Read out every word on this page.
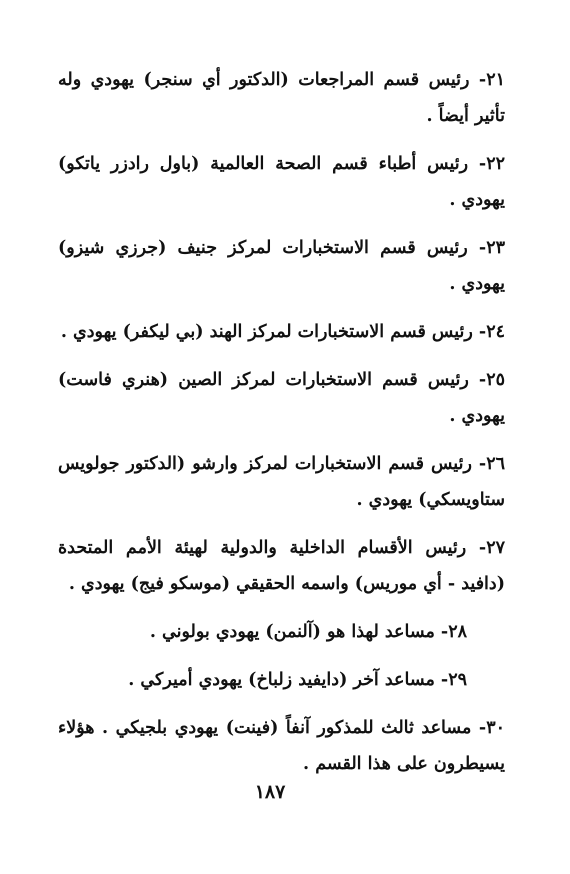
٢١- رئيس قسم المراجعات (الدكتور أي سنجر) يهودي وله تأثير أيضاً .

٢٢- رئيس أطباء قسم الصحة العالمية (باول رادزر ياتكو) يهودي .

٢٣- رئيس قسم الاستخبارات لمركز جنيف (جرزي شيزو) يهودي .

٢٤- رئيس قسم الاستخبارات لمركز الهند (بي ليكفر) يهودي .

٢٥- رئيس قسم الاستخبارات لمركز الصين (هنري فاست) يهودي .

٢٦- رئيس قسم الاستخبارات لمركز وارشو (الدكتور جولويس ستاويسكي) يهودي .

٢٧- رئيس الأقسام الداخلية والدولية لهيئة الأمم المتحدة (دافيد - أي موريس) واسمه الحقيقي (موسكو فيج) يهودي .

٢٨- مساعد لهذا هو (آلنمن) يهودي بولوني .

٢٩- مساعد آخر (دايفيد زلباخ) يهودي أميركي .

٣٠- مساعد ثالث للمذكور آنفاً (فينت) يهودي بلجيكي . هؤلاء يسيطرون على هذا القسم .

١٨٧
